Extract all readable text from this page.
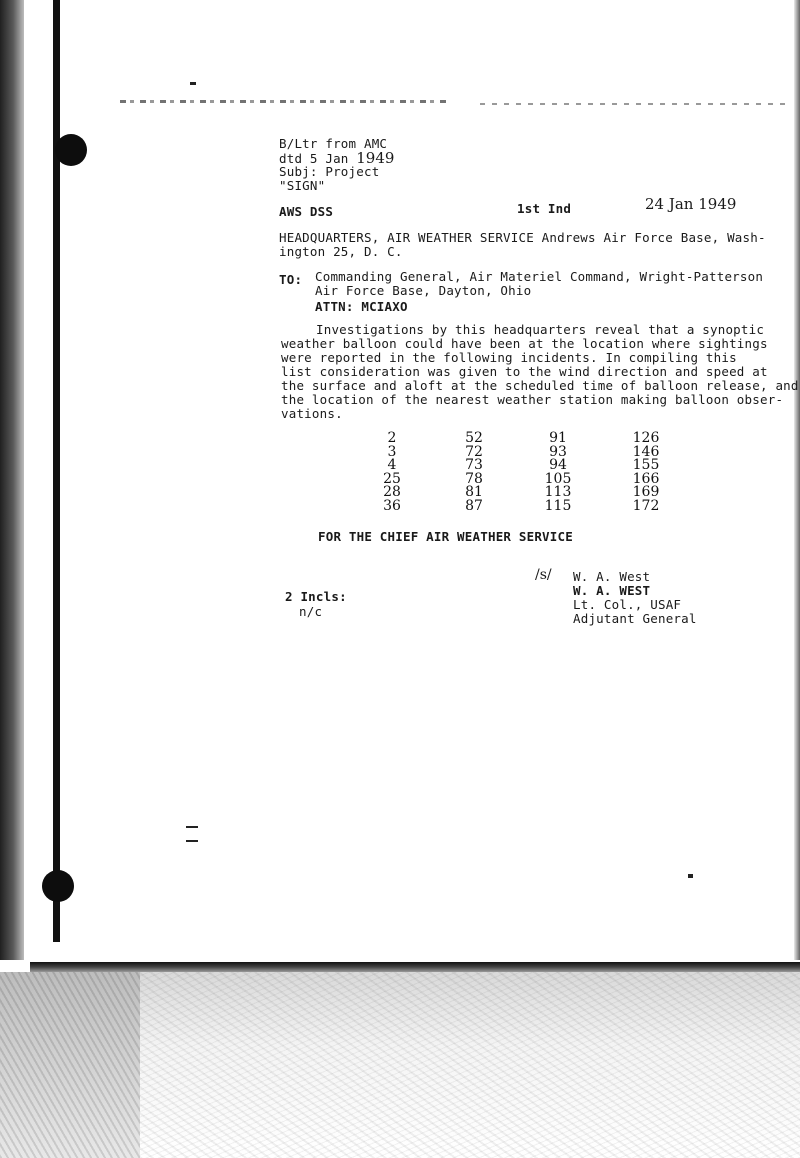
B/Ltr from AMC
dtd 5 Jan 1949
Subj: Project
"SIGN"
AWS DSS	1st Ind	24 Jan 1949
HEADQUARTERS, AIR WEATHER SERVICE Andrews Air Force Base, Wash-
ington 25, D. C.
TO: Commanding General, Air Materiel Command, Wright-Patterson
Air Force Base, Dayton, Ohio
ATTN: MCIAXO
Investigations by this headquarters reveal that a synoptic
weather balloon could have been at the location where sightings
were reported in the following incidents. In compiling this
list consideration was given to the wind direction and speed at
the surface and aloft at the scheduled time of balloon release, and
the location of the nearest weather station making balloon obser-
vations.
2
3
4
25
28
36
52
72
73
78
81
87
91
93
94
105
113
115
126
146
155
166
169
172
FOR THE CHIEF AIR WEATHER SERVICE
/s/ W. A. West
W. A. WEST
Lt. Col., USAF
Adjutant General
2 Incls:
n/c
